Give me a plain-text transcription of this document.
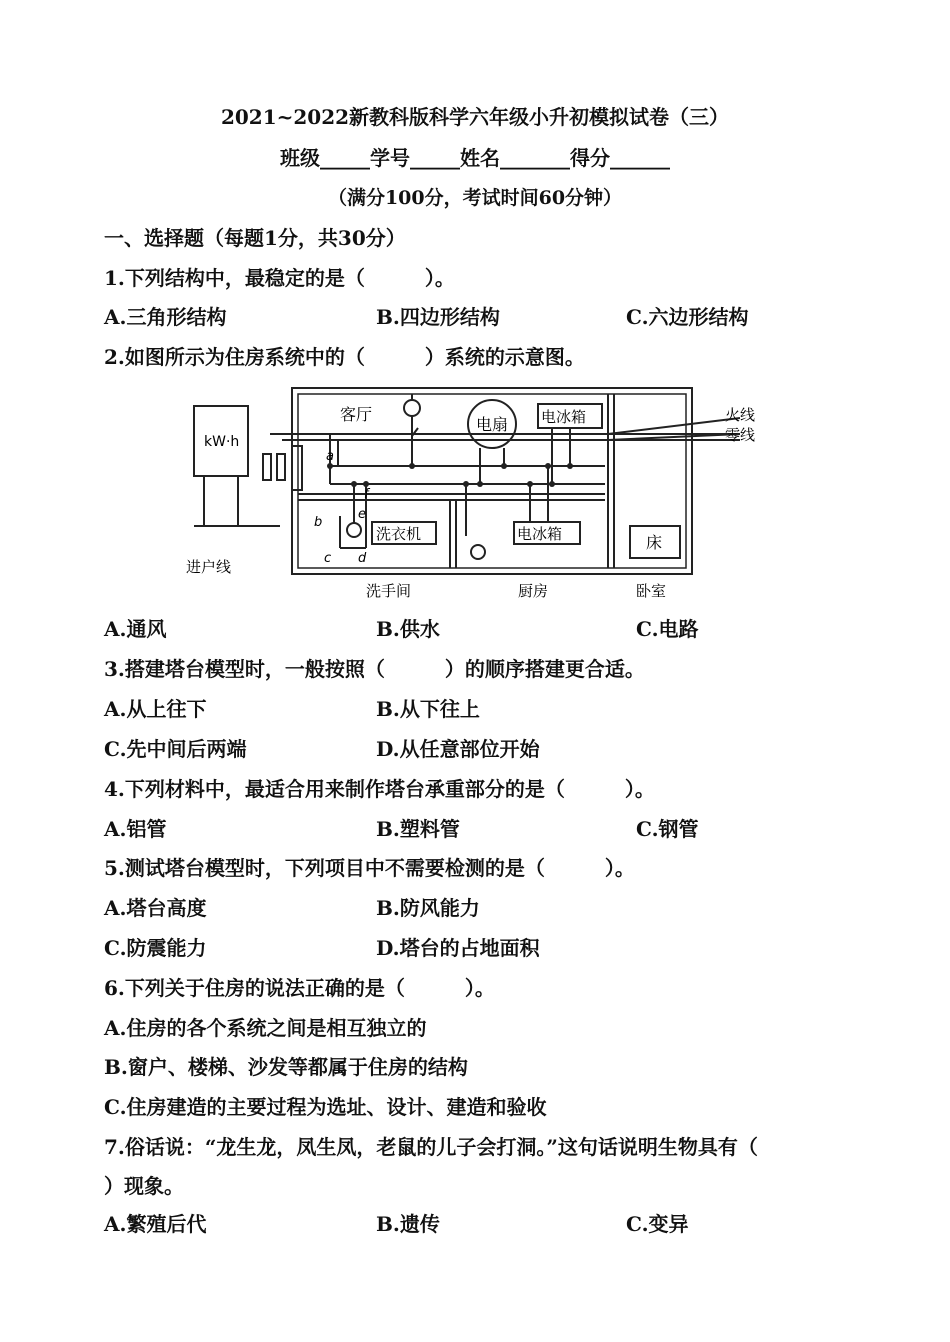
2021~2022新教科版科学六年级小升初模拟试卷（三）
班级_____学号_____姓名_______得分______
（满分100分，考试时间60分钟）
一、选择题（每题1分，共30分）
1.下列结构中，最稳定的是（　　　）。
A.三角形结构	B.四边形结构	C.六边形结构
2.如图所示为住房系统中的（　　　）系统的示意图。
kW·h
客厅
电扇 电冰箱
洗衣机	电冰箱	床
火线
零线
进户线
洗手间	厨房	卧室
a
b
c d
e
f
A.通风	B.供水	C.电路
3.搭建塔台模型时，一般按照（　　　）的顺序搭建更合适。
A.从上往下	B.从下往上
C.先中间后两端	D.从任意部位开始
4.下列材料中，最适合用来制作塔台承重部分的是（　　　）。
A.铝管	B.塑料管	C.钢管
5.测试塔台模型时，下列项目中不需要检测的是（　　　）。
A.塔台高度	B.防风能力
C.防震能力	D.塔台的占地面积
6.下列关于住房的说法正确的是（　　　）。
A.住房的各个系统之间是相互独立的
B.窗户、楼梯、沙发等都属于住房的结构
C.住房建造的主要过程为选址、设计、建造和验收
7.俗话说：“龙生龙，凤生凤，老鼠的儿子会打洞。”这句话说明生物具有（
）现象。
A.繁殖后代	B.遗传	C.变异
